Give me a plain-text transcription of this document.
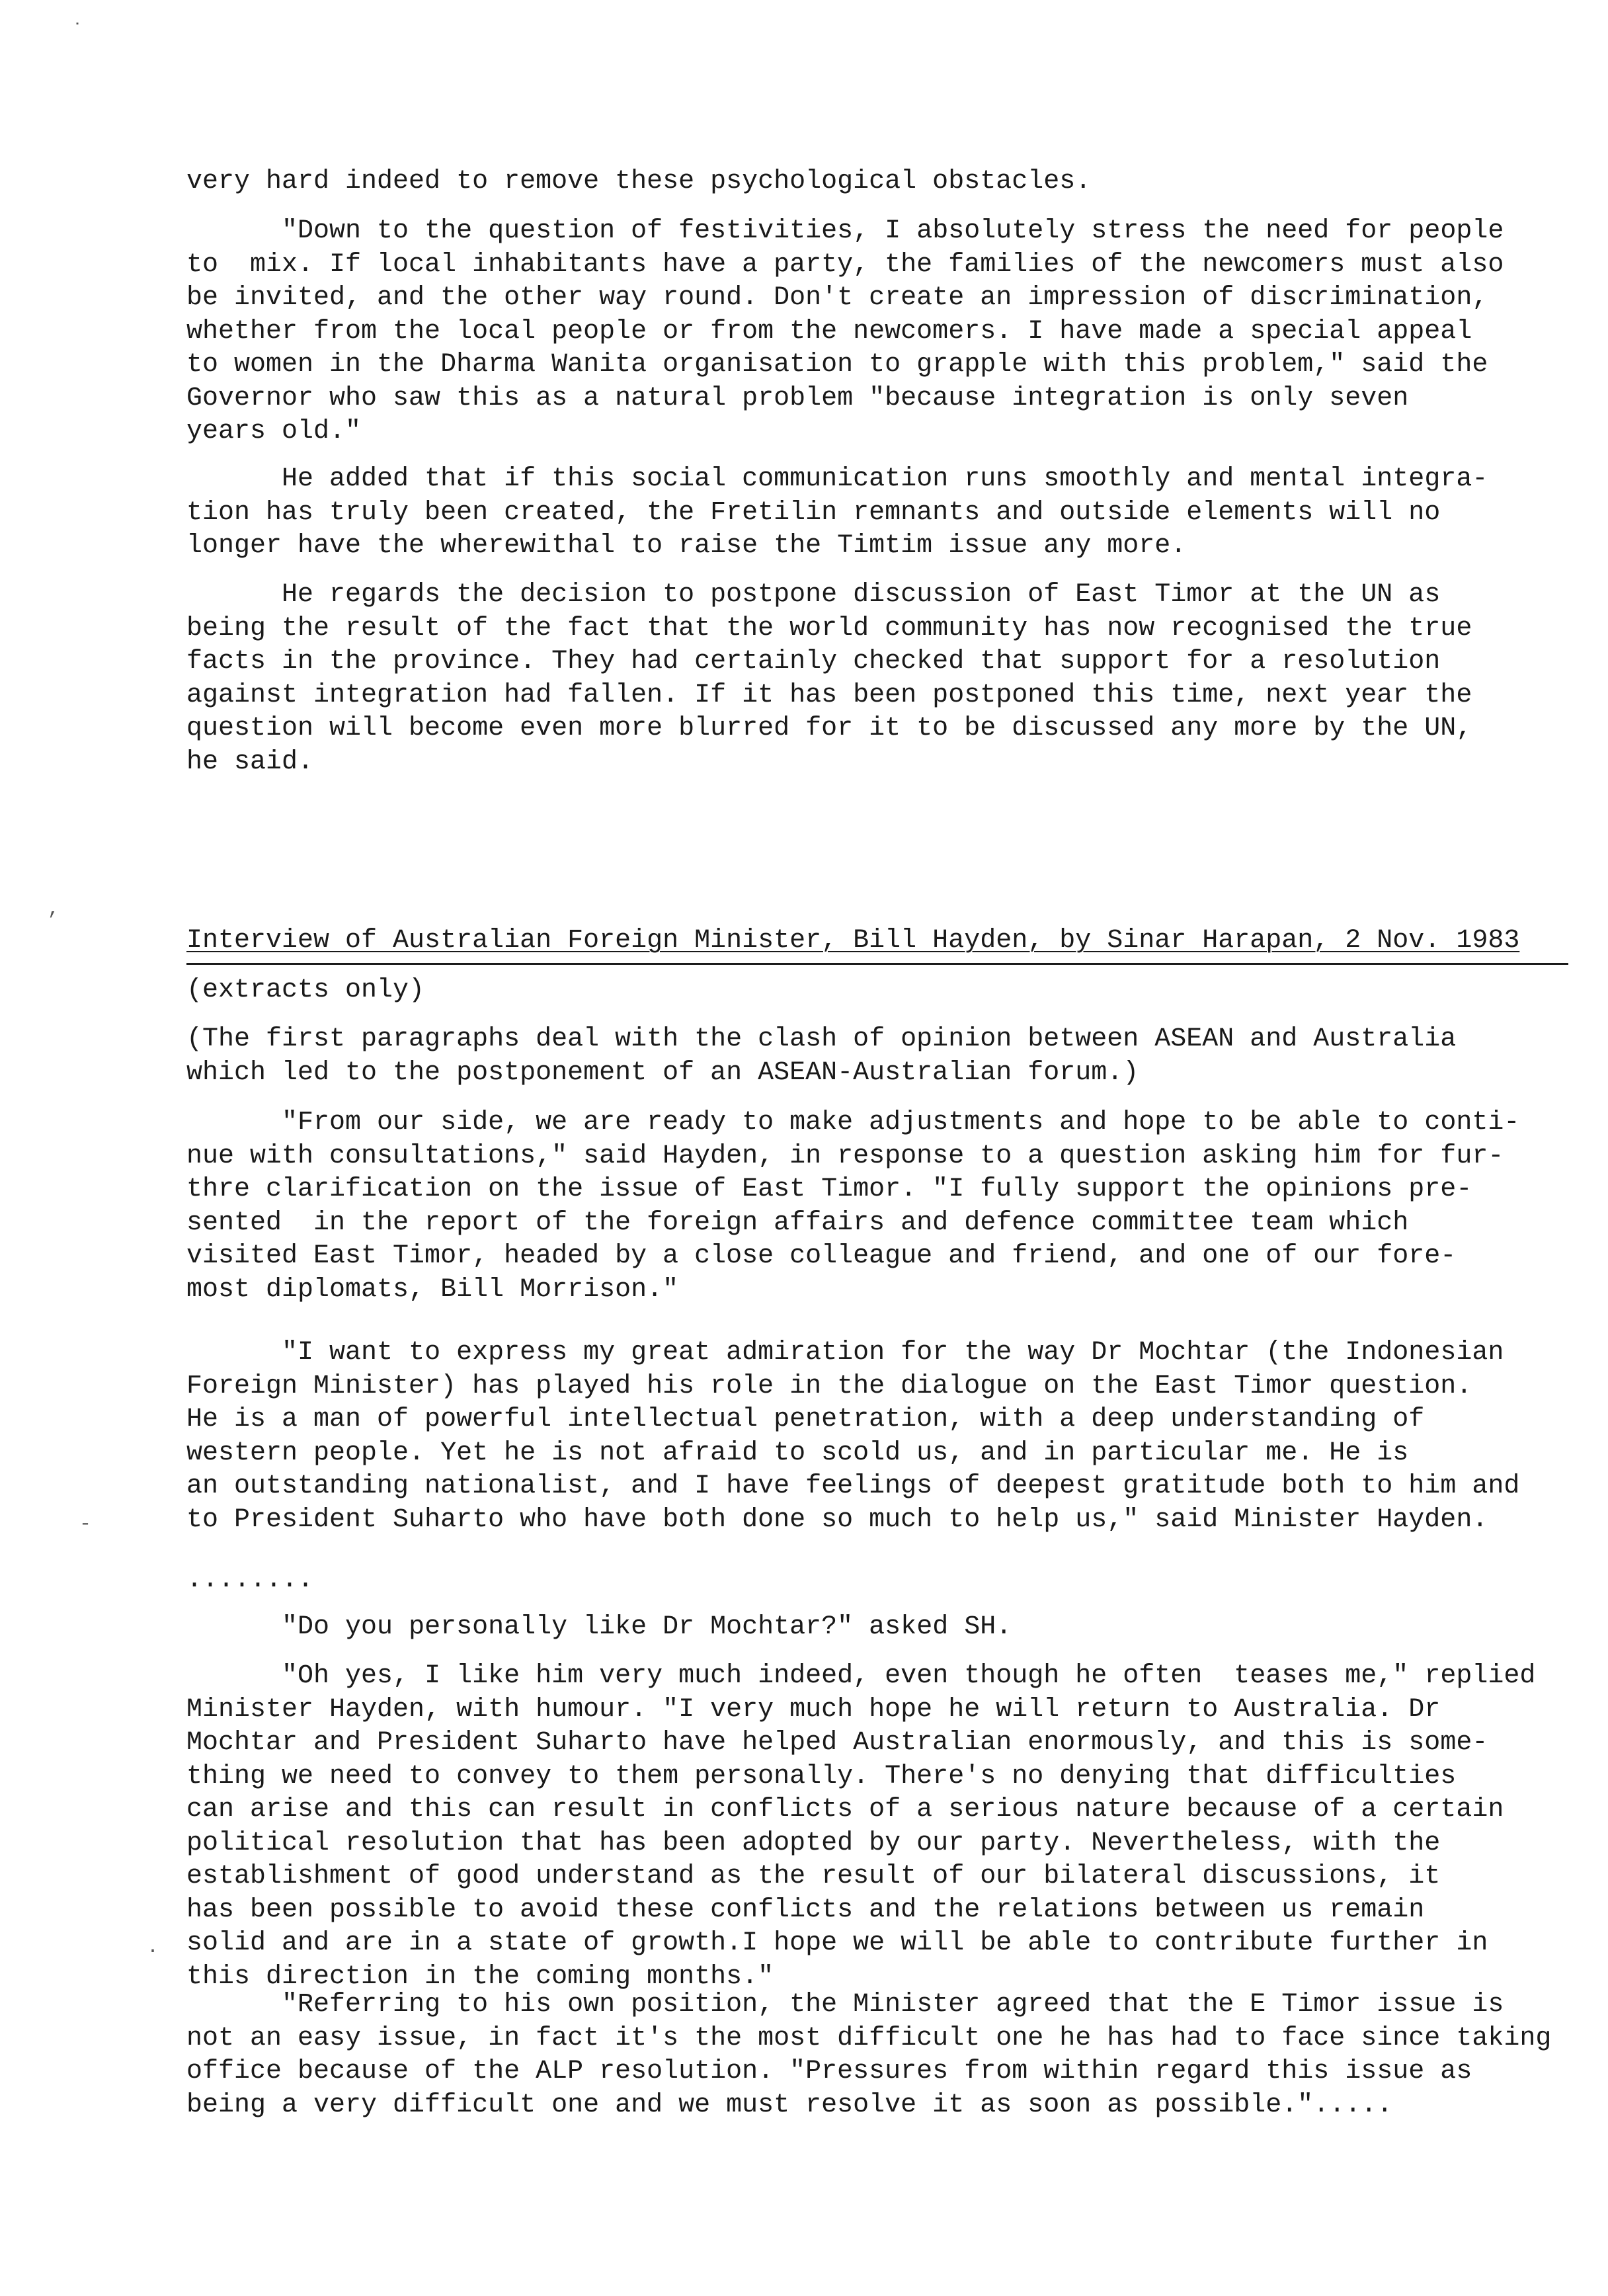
˙
,
-
.
very hard indeed to remove these psychological obstacles.
"Down to the question of festivities, I absolutely stress the need for people
to  mix. If local inhabitants have a party, the families of the newcomers must also
be invited, and the other way round. Don't create an impression of discrimination,
whether from the local people or from the newcomers. I have made a special appeal
to women in the Dharma Wanita organisation to grapple with this problem," said the
Governor who saw this as a natural problem "because integration is only seven
years old."
He added that if this social communication runs smoothly and mental integra-
tion has truly been created, the Fretilin remnants and outside elements will no
longer have the wherewithal to raise the Timtim issue any more.
He regards the decision to postpone discussion of East Timor at the UN as
being the result of the fact that the world community has now recognised the true
facts in the province. They had certainly checked that support for a resolution
against integration had fallen. If it has been postponed this time, next year the
question will become even more blurred for it to be discussed any more by the UN,
he said.
Interview of Australian Foreign Minister, Bill Hayden, by Sinar Harapan, 2 Nov. 1983
(extracts only)
(The first paragraphs deal with the clash of opinion between ASEAN and Australia
which led to the postponement of an ASEAN-Australian forum.)
"From our side, we are ready to make adjustments and hope to be able to conti-
nue with consultations," said Hayden, in response to a question asking him for fur-
thre clarification on the issue of East Timor. "I fully support the opinions pre-
sented  in the report of the foreign affairs and defence committee team which
visited East Timor, headed by a close colleague and friend, and one of our fore-
most diplomats, Bill Morrison."
"I want to express my great admiration for the way Dr Mochtar (the Indonesian
Foreign Minister) has played his role in the dialogue on the East Timor question.
He is a man of powerful intellectual penetration, with a deep understanding of
western people. Yet he is not afraid to scold us, and in particular me. He is
an outstanding nationalist, and I have feelings of deepest gratitude both to him and
to President Suharto who have both done so much to help us," said Minister Hayden.
........
"Do you personally like Dr Mochtar?" asked SH.
"Oh yes, I like him very much indeed, even though he often  teases me," replied
Minister Hayden, with humour. "I very much hope he will return to Australia. Dr
Mochtar and President Suharto have helped Australian enormously, and this is some-
thing we need to convey to them personally. There's no denying that difficulties
can arise and this can result in conflicts of a serious nature because of a certain
political resolution that has been adopted by our party. Nevertheless, with the
establishment of good understand as the result of our bilateral discussions, it
has been possible to avoid these conflicts and the relations between us remain
solid and are in a state of growth.I hope we will be able to contribute further in
this direction in the coming months."
"Referring to his own position, the Minister agreed that the E Timor issue is
not an easy issue, in fact it's the most difficult one he has had to face since taking
office because of the ALP resolution. "Pressures from within regard this issue as
being a very difficult one and we must resolve it as soon as possible.".....
